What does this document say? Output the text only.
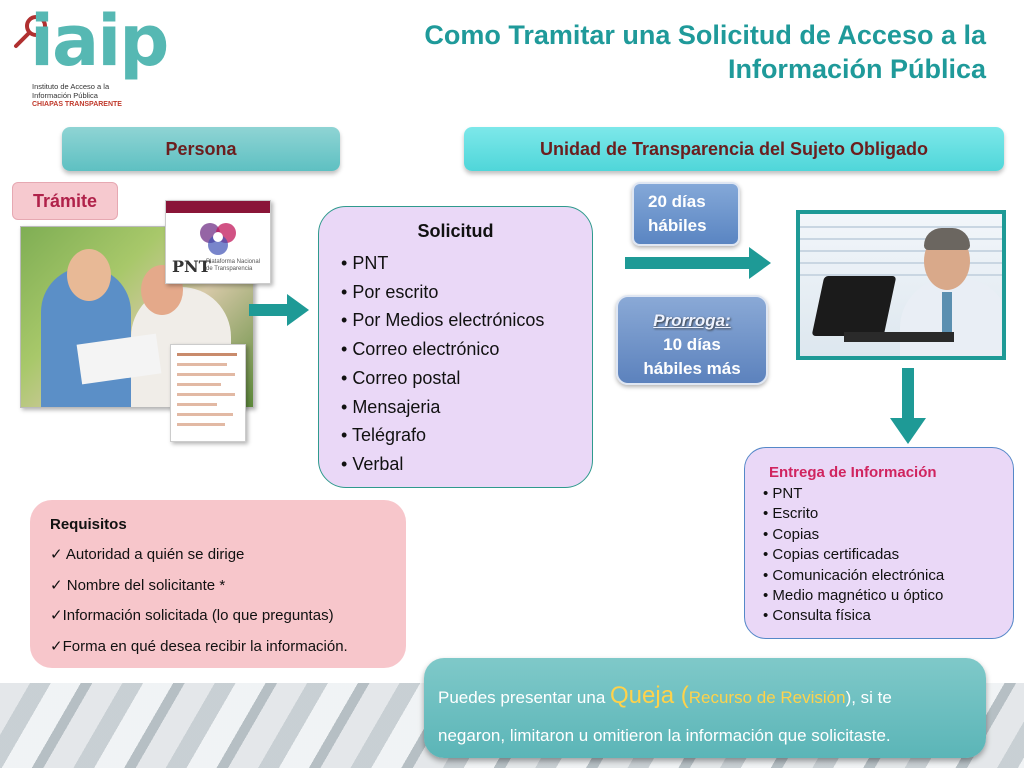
iaip
Instituto de Acceso a la
Información Pública
CHIAPAS TRANSPARENTE
Como Tramitar una Solicitud de Acceso a la Información Pública
Persona	Unidad de Transparencia del Sujeto Obligado
Trámite
PNT
Plataforma Nacional
de Transparencia
Solicitud
• PNT
• Por escrito
• Por Medios electrónicos
• Correo electrónico
• Correo postal
• Mensajeria
• Telégrafo
• Verbal
20 días
hábiles
Prorroga:
10 días
hábiles más
Entrega de Información
• PNT
• Escrito
• Copias
• Copias certificadas
• Comunicación electrónica
• Medio magnético u óptico
• Consulta física
Requisitos
✓ Autoridad a quién se dirige
✓ Nombre del solicitante *
✓ Información solicitada (lo que preguntas)
✓ Forma en qué desea recibir la información.
Puedes presentar una Queja (Recurso de Revisión), si te
negaron, limitaron u omitieron la información que solicitaste.
